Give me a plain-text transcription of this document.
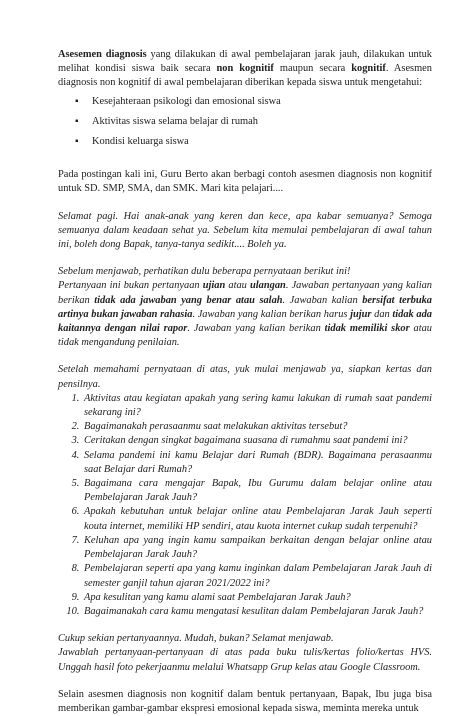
Asesemen diagnosis yang dilakukan di awal pembelajaran jarak jauh, dilakukan untuk melihat kondisi siswa baik secara non kognitif maupun secara kognitif. Asesmen diagnosis non kognitif di awal pembelajaran diberikan kepada siswa untuk mengetahui:

▪ Kesejahteraan psikologi dan emosional siswa
▪ Aktivitas siswa selama belajar di rumah
▪ Kondisi keluarga siswa

Pada postingan kali ini, Guru Berto akan berbagi contoh asesmen diagnosis non kognitif untuk SD. SMP, SMA, dan SMK. Mari kita pelajari....

Selamat pagi. Hai anak-anak yang keren dan kece, apa kabar semuanya? Semoga semuanya dalam keadaan sehat ya. Sebelum kita memulai pembelajaran di awal tahun ini, boleh dong Bapak, tanya-tanya sedikit.... Boleh ya.

Sebelum menjawab, perhatikan dulu beberapa pernyataan berikut ini!

Pertanyaan ini bukan pertanyaan ujian atau ulangan. Jawaban pertanyaan yang kalian berikan tidak ada jawaban yang benar atau salah. Jawaban kalian bersifat terbuka artinya bukan jawaban rahasia. Jawaban yang kalian berikan harus jujur dan tidak ada kaitannya dengan nilai rapor. Jawaban yang kalian berikan tidak memiliki skor atau tidak mengandung penilaian.

Setelah memahami pernyataan di atas, yuk mulai menjawab ya, siapkan kertas dan pensilnya.

1. Aktivitas atau kegiatan apakah yang sering kamu lakukan di rumah saat pandemi sekarang ini?
2. Bagaimanakah perasaanmu saat melakukan aktivitas tersebut?
3. Ceritakan dengan singkat bagaimana suasana di rumahmu saat pandemi ini?
4. Selama pandemi ini kamu Belajar dari Rumah (BDR). Bagaimana perasaanmu saat Belajar dari Rumah?
5. Bagaimana cara mengajar Bapak, Ibu Gurumu dalam belajar online atau Pembelajaran Jarak Jauh?
6. Apakah kebutuhan untuk belajar online atau Pembelajaran Jarak Jauh seperti kouta internet, memiliki HP sendiri, atau kuota internet cukup sudah terpenuhi?
7. Keluhan apa yang ingin kamu sampaikan berkaitan dengan belajar online atau Pembelajaran Jarak Jauh?
8. Pembelajaran seperti apa yang kamu inginkan dalam Pembelajaran Jarak Jauh di semester ganjil tahun ajaran 2021/2022 ini?
9. Apa kesulitan yang kamu alami saat Pembelajaran Jarak Jauh?
10. Bagaimanakah cara kamu mengatasi kesulitan dalam Pembelajaran Jarak Jauh?

Cukup sekian pertanyaannya. Mudah, bukan? Selamat menjawab.

Jawablah pertanyaan-pertanyaan di atas pada buku tulis/kertas folio/kertas HVS. Unggah hasil foto pekerjaanmu melalui Whatsapp Grup kelas atau Google Classroom.

Selain asesmen diagnosis non kognitif dalam bentuk pertanyaan, Bapak, Ibu juga bisa memberikan gambar-gambar ekspresi emosional kepada siswa, meminta mereka untuk
